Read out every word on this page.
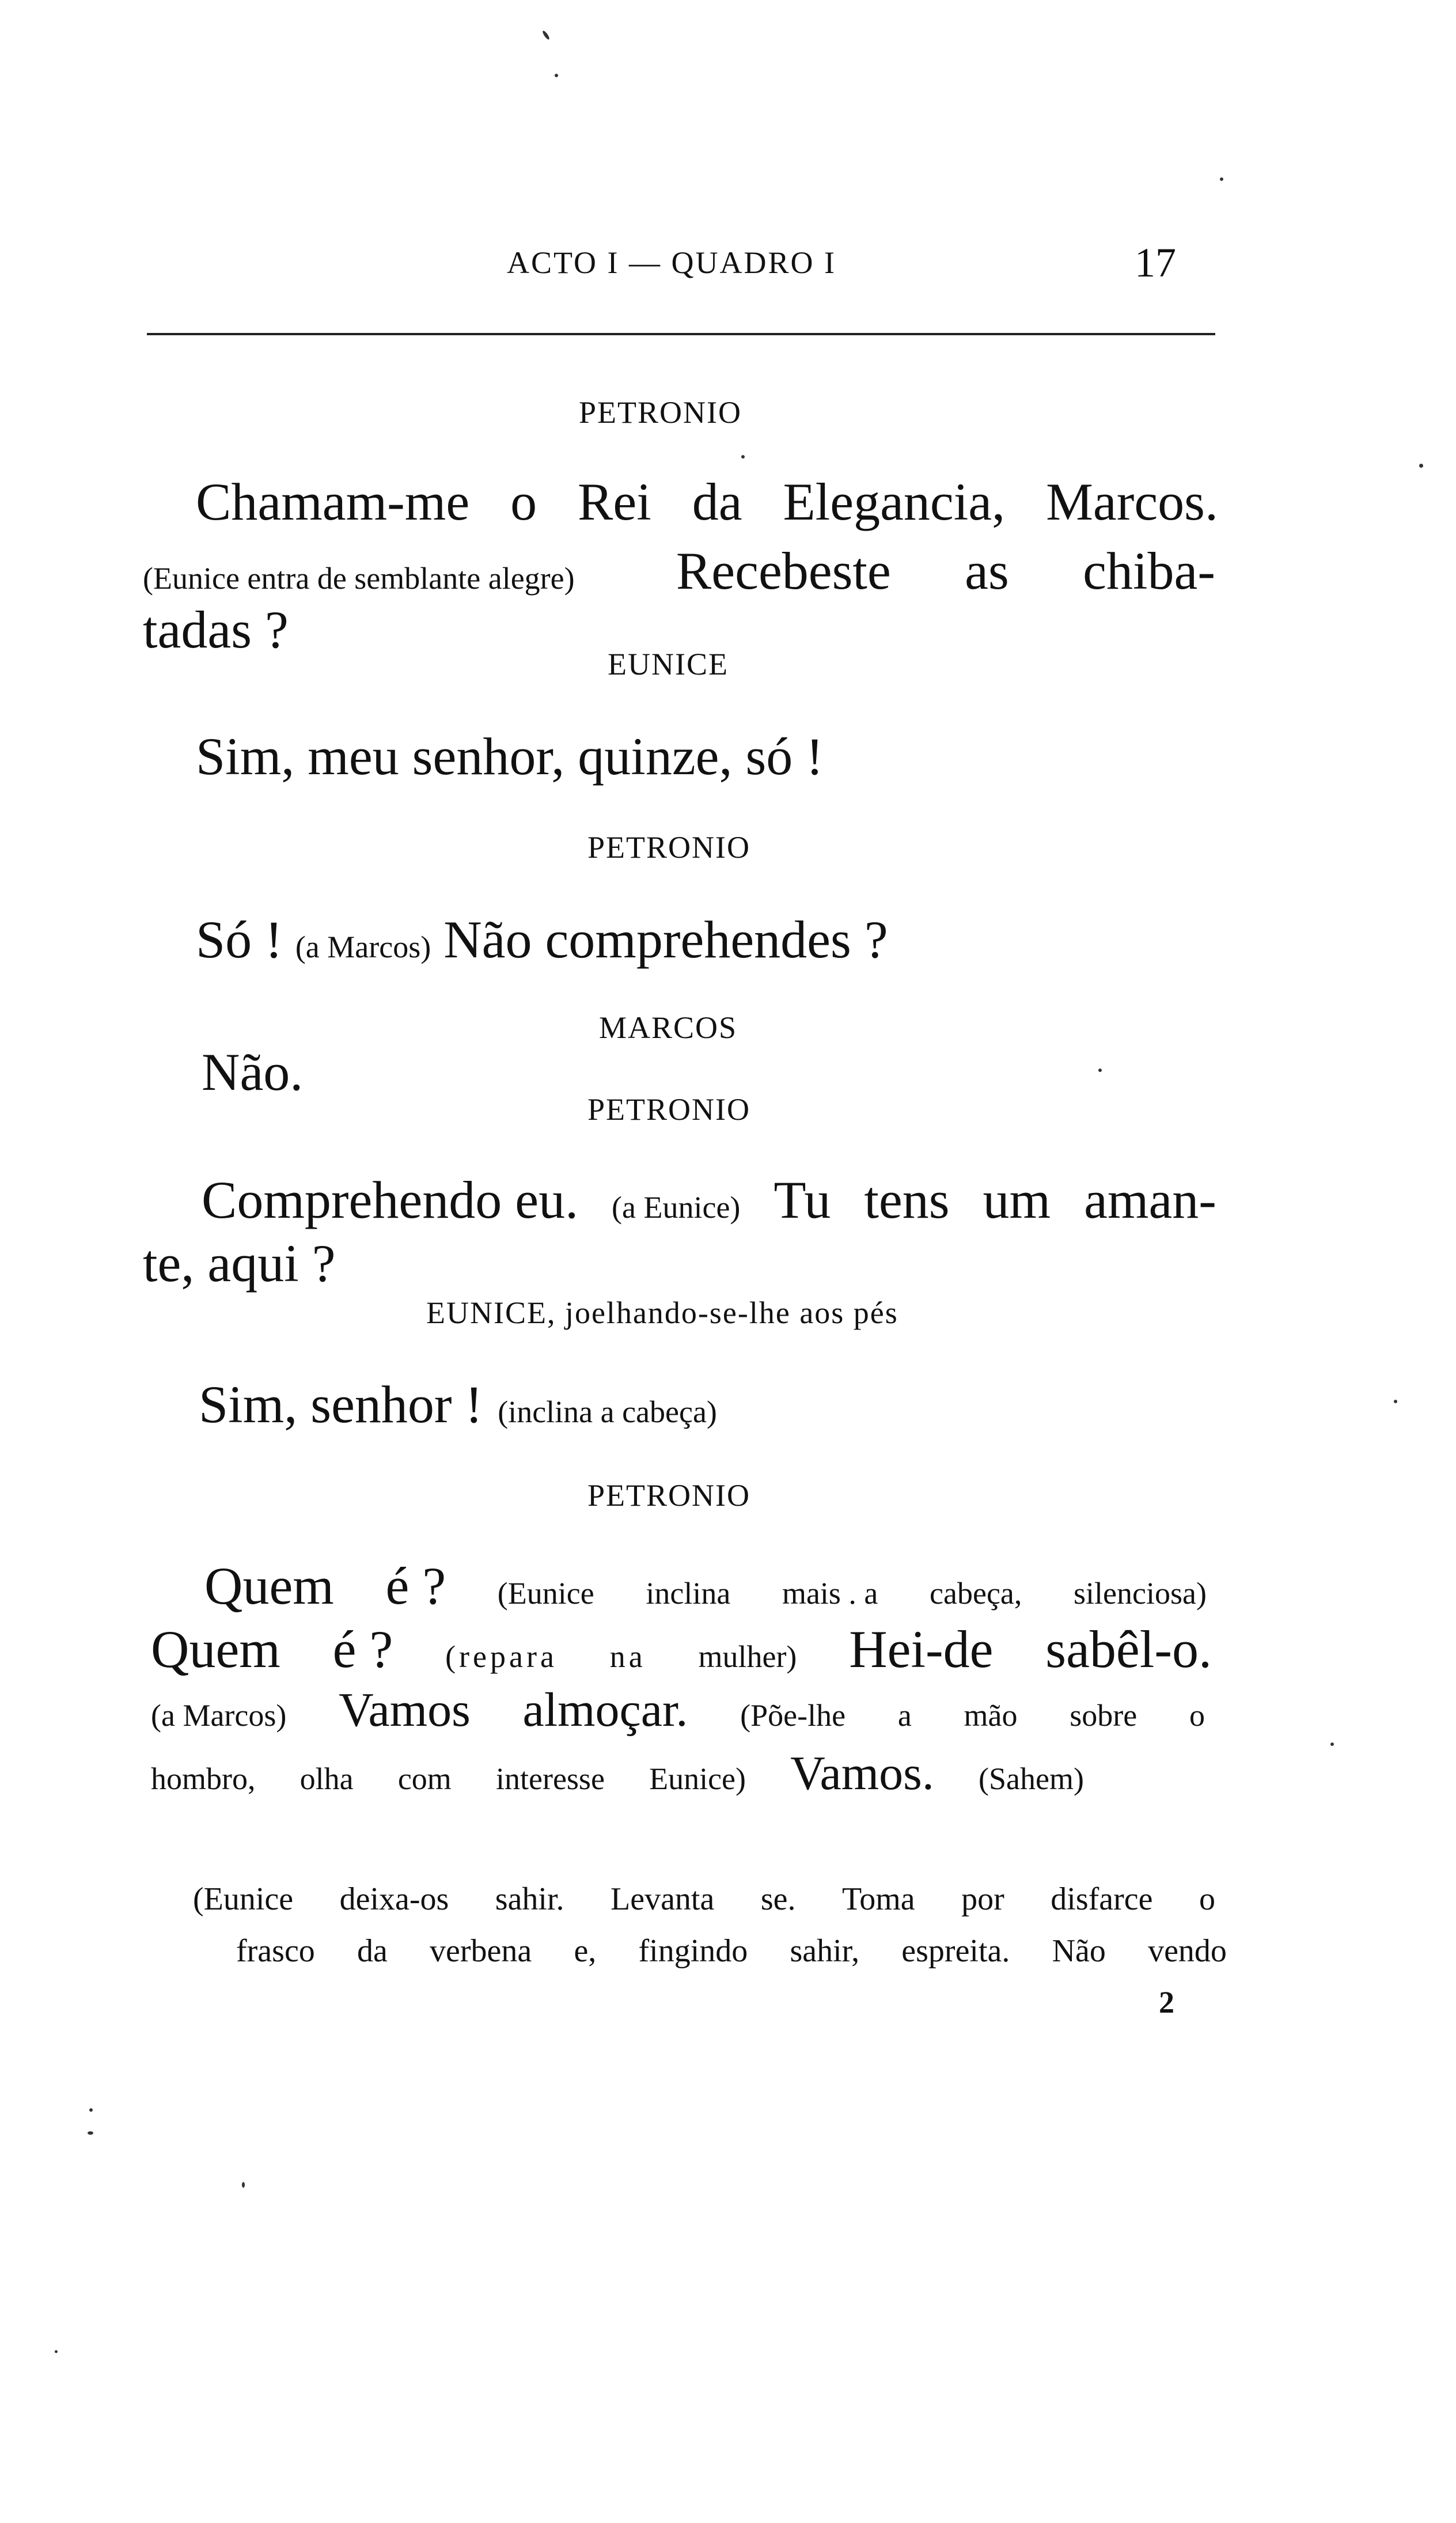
ACTO I — QUADRO I	17
PETRONIO
Chamam-me o Rei da Elegancia, Marcos.
(Eunice entra de semblante alegre) Recebeste as chiba-
tadas ?
EUNICE
Sim, meu senhor, quinze, só !
PETRONIO
Só ! (a Marcos) Não comprehendes ?
MARCOS
Não.
PETRONIO
Comprehendo eu. (a Eunice) Tu tens um aman-
te, aqui ?
EUNICE, joelhando-se-lhe aos pés
Sim, senhor ! (inclina a cabeça)
PETRONIO
Quem é ? (Eunice inclina mais . a cabeça, silenciosa)
Quem é ? (repara na mulher) Hei-de sabêl-o.
(a Marcos) Vamos almoçar. (Põe-lhe a mão sobre o
hombro, olha com interesse Eunice) Vamos. (Sahem)
(Eunice deixa-os sahir. Levanta se. Toma por disfarce o
frasco da verbena e, fingindo sahir, espreita. Não vendo
2
